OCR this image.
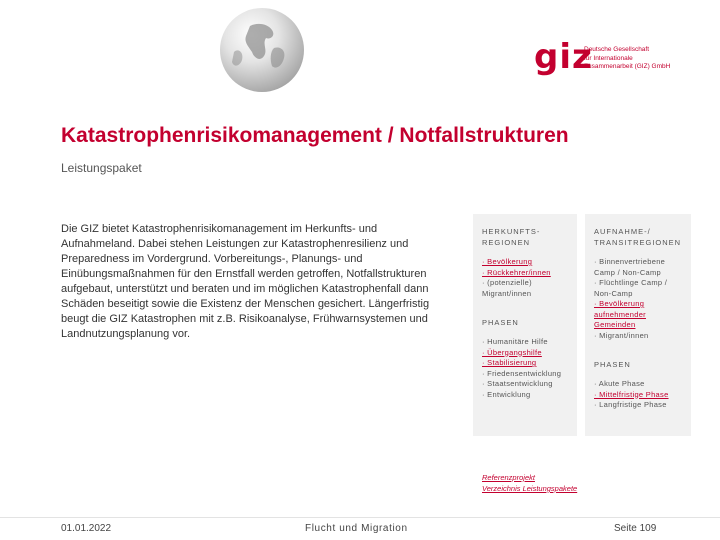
giz
Deutsche Gesellschaft
für Internationale
Zusammenarbeit (GIZ) GmbH
Katastrophenrisikomanagement / Notfallstrukturen
Leistungspaket

Die GIZ bietet Katastrophenrisikomanagement im Herkunfts- und Aufnahmeland. Dabei stehen Leistungen zur Katastrophenresilienz und Preparedness im Vordergrund. Vorbereitungs-, Planungs- und Einübungsmaßnahmen für den Ernstfall werden getroffen, Notfallstrukturen aufgebaut, unterstützt und beraten und im möglichen Katastrophenfall dann Schäden beseitigt sowie die Existenz der Menschen gesichert. Längerfristig beugt die GIZ Katastrophen mit z.B. Risikoanalyse, Frühwarnsystemen und Landnutzungsplanung vor.

HERKUNFTS-REGIONEN
· Bevölkerung
· Rückkehrer/innen
· (potenzielle) Migrant/innen
PHASEN
· Humanitäre Hilfe
· Übergangshilfe
· Stabilisierung
· Friedensentwicklung
· Staatsentwicklung
· Entwicklung
AUFNAHME-/ TRANSITREGIONEN
· Binnenvertriebene Camp / Non-Camp
· Flüchtlinge Camp / Non-Camp
· Bevölkerung aufnehmender Gemeinden
· Migrant/innen
PHASEN
· Akute Phase
· Mittelfristige Phase
· Langfristige Phase
Referenzprojekt
Verzeichnis Leistungspakete
01.01.2022	Flucht und Migration	Seite 109
